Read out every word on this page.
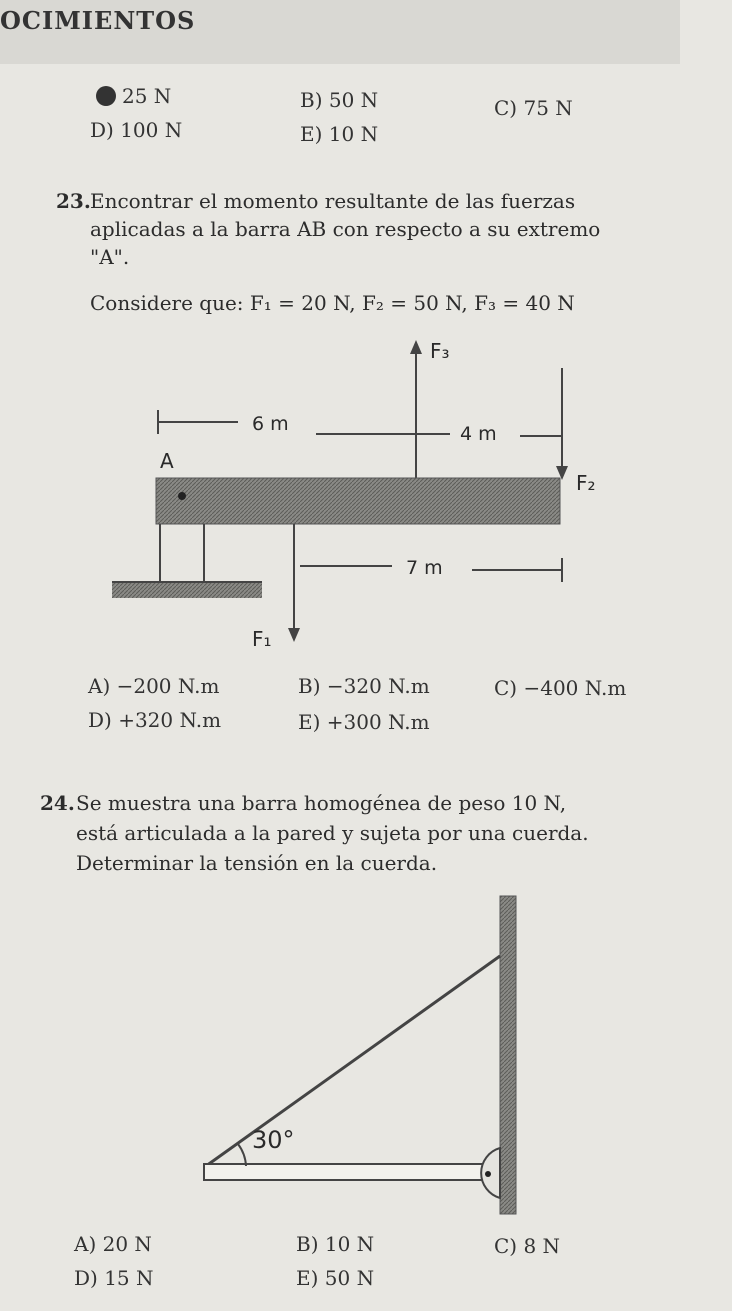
OCIMIENTOS
25 N	B) 50 N	C) 75 N
D) 100 N	E) 10 N
23. Encontrar el momento resultante de las fuerzas
aplicadas a la barra AB con respecto a su extremo
"A".
Considere que: F₁ = 20 N, F₂ = 50 N, F₃ = 40 N
F₃
6 m	4 m
F₂
A
F₁
7 m
A) −200 N.m	B) −320 N.m	C) −400 N.m
D) +320 N.m	E) +300 N.m
24. Se muestra una barra homogénea de peso 10 N,
está articulada a la pared y sujeta por una cuerda.
Determinar la tensión en la cuerda.
30°
A) 20 N	B) 10 N	C) 8 N
D) 15 N	E) 50 N
